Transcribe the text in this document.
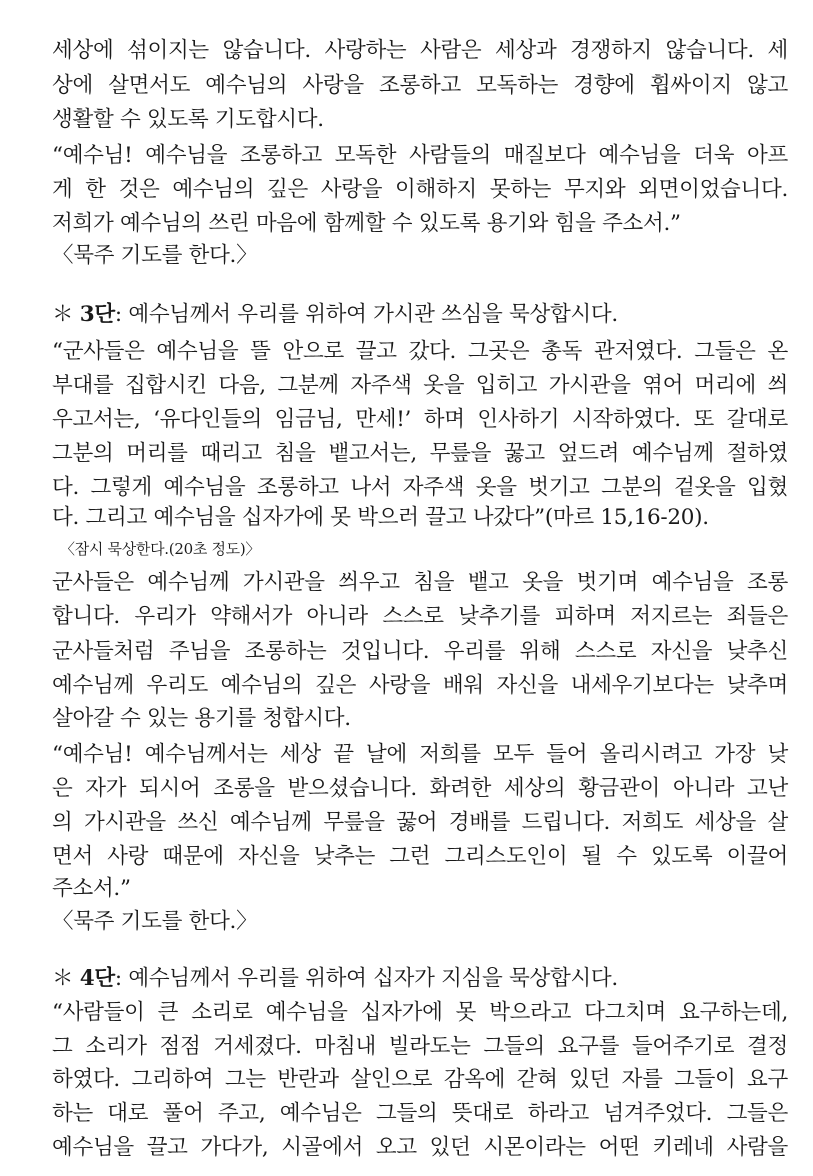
세상에 섞이지는 않습니다. 사랑하는 사람은 세상과 경쟁하지 않습니다. 세
상에 살면서도 예수님의 사랑을 조롱하고 모독하는 경향에 휩싸이지 않고
생활할 수 있도록 기도합시다.
“예수님! 예수님을 조롱하고 모독한 사람들의 매질보다 예수님을 더욱 아프
게 한 것은 예수님의 깊은 사랑을 이해하지 못하는 무지와 외면이었습니다.
저희가 예수님의 쓰린 마음에 함께할 수 있도록 용기와 힘을 주소서.”
〈묵주 기도를 한다.〉
＊ 3단: 예수님께서 우리를 위하여 가시관 쓰심을 묵상합시다.
“군사들은 예수님을 뜰 안으로 끌고 갔다. 그곳은 총독 관저였다. 그들은 온
부대를 집합시킨 다음, 그분께 자주색 옷을 입히고 가시관을 엮어 머리에 씌
우고서는, ‘유다인들의 임금님, 만세!’ 하며 인사하기 시작하였다. 또 갈대로
그분의 머리를 때리고 침을 뱉고서는, 무릎을 꿇고 엎드려 예수님께 절하였
다. 그렇게 예수님을 조롱하고 나서 자주색 옷을 벗기고 그분의 겉옷을 입혔
다. 그리고 예수님을 십자가에 못 박으러 끌고 나갔다”(마르 15,16-20).
〈잠시 묵상한다.(20초 정도)〉
군사들은 예수님께 가시관을 씌우고 침을 뱉고 옷을 벗기며 예수님을 조롱
합니다. 우리가 약해서가 아니라 스스로 낮추기를 피하며 저지르는 죄들은
군사들처럼 주님을 조롱하는 것입니다. 우리를 위해 스스로 자신을 낮추신
예수님께 우리도 예수님의 깊은 사랑을 배워 자신을 내세우기보다는 낮추며
살아갈 수 있는 용기를 청합시다.
“예수님! 예수님께서는 세상 끝 날에 저희를 모두 들어 올리시려고 가장 낮
은 자가 되시어 조롱을 받으셨습니다. 화려한 세상의 황금관이 아니라 고난
의 가시관을 쓰신 예수님께 무릎을 꿇어 경배를 드립니다. 저희도 세상을 살
면서 사랑 때문에 자신을 낮추는 그런 그리스도인이 될 수 있도록 이끌어
주소서.”
〈묵주 기도를 한다.〉
＊ 4단: 예수님께서 우리를 위하여 십자가 지심을 묵상합시다.
“사람들이 큰 소리로 예수님을 십자가에 못 박으라고 다그치며 요구하는데,
그 소리가 점점 거세졌다. 마침내 빌라도는 그들의 요구를 들어주기로 결정
하였다. 그리하여 그는 반란과 살인으로 감옥에 갇혀 있던 자를 그들이 요구
하는 대로 풀어 주고, 예수님은 그들의 뜻대로 하라고 넘겨주었다. 그들은
예수님을 끌고 가다가, 시골에서 오고 있던 시몬이라는 어떤 키레네 사람을
